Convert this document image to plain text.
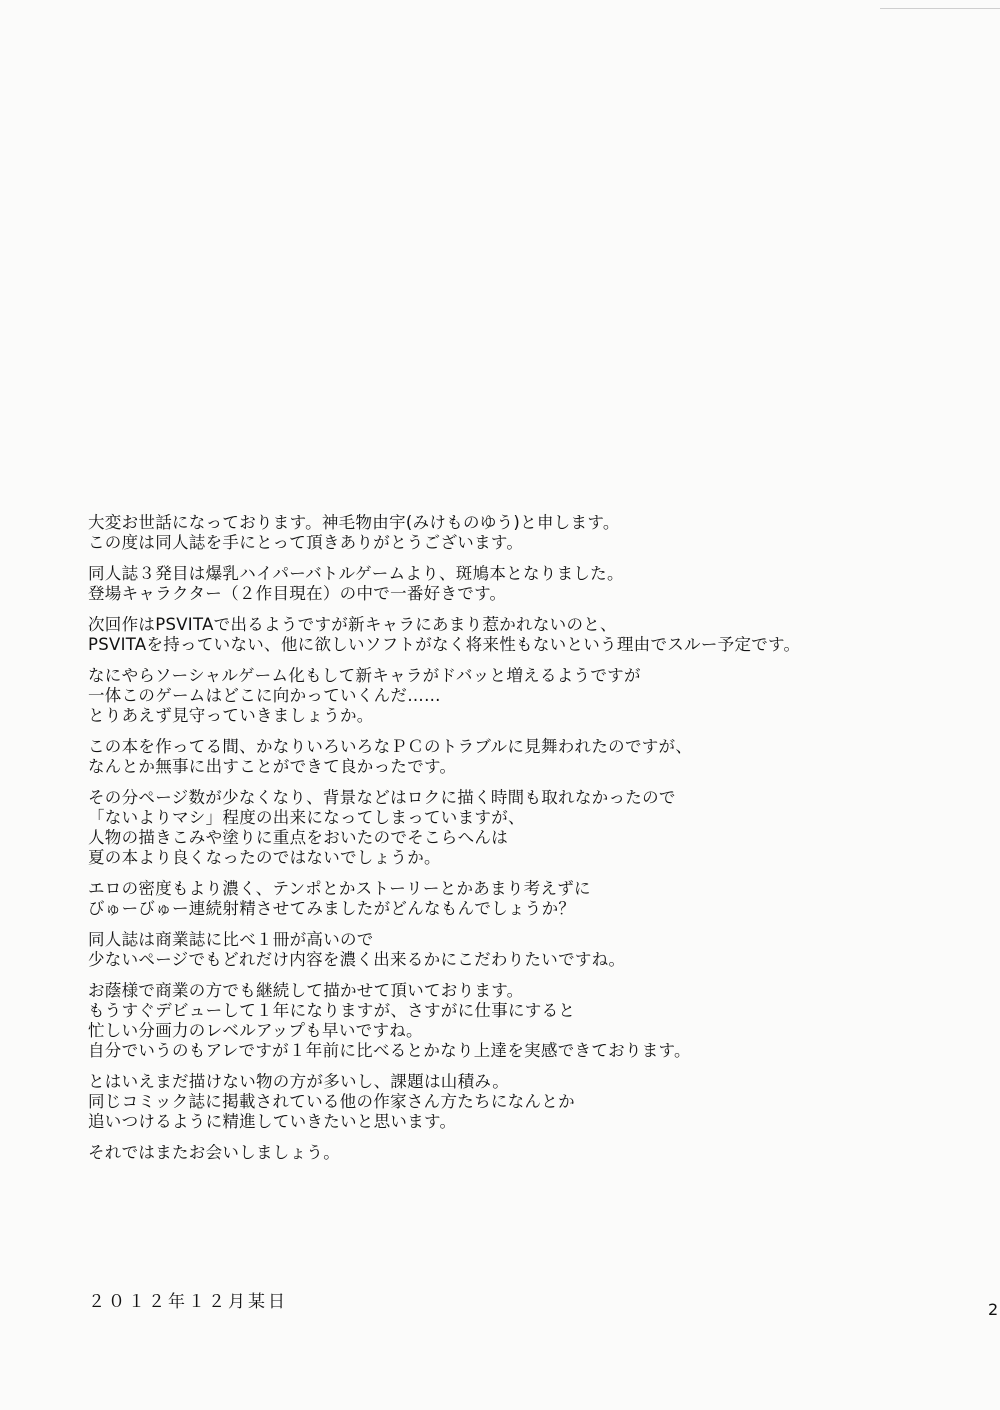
大変お世話になっております。神毛物由宇(みけものゆう)と申します。
この度は同人誌を手にとって頂きありがとうございます。
同人誌３発目は爆乳ハイパーバトルゲームより、斑鳩本となりました。
登場キャラクター（２作目現在）の中で一番好きです。
次回作はPSVITAで出るようですが新キャラにあまり惹かれないのと、
PSVITAを持っていない、他に欲しいソフトがなく将来性もないという理由でスルー予定です。
なにやらソーシャルゲーム化もして新キャラがドバッと増えるようですが
一体このゲームはどこに向かっていくんだ……
とりあえず見守っていきましょうか。
この本を作ってる間、かなりいろいろなＰＣのトラブルに見舞われたのですが、
なんとか無事に出すことができて良かったです。
その分ページ数が少なくなり、背景などはロクに描く時間も取れなかったので
「ないよりマシ」程度の出来になってしまっていますが、
人物の描きこみや塗りに重点をおいたのでそこらへんは
夏の本より良くなったのではないでしょうか。
エロの密度もより濃く、テンポとかストーリーとかあまり考えずに
びゅーびゅー連続射精させてみましたがどんなもんでしょうか？
同人誌は商業誌に比べ１冊が高いので
少ないページでもどれだけ内容を濃く出来るかにこだわりたいですね。
お蔭様で商業の方でも継続して描かせて頂いております。
もうすぐデビューして１年になりますが、さすがに仕事にすると
忙しい分画力のレベルアップも早いですね。
自分でいうのもアレですが１年前に比べるとかなり上達を実感できております。
とはいえまだ描けない物の方が多いし、課題は山積み。
同じコミック誌に掲載されている他の作家さん方たちになんとか
追いつけるように精進していきたいと思います。
それではまたお会いしましょう。
２０１２年１２月某日	2
